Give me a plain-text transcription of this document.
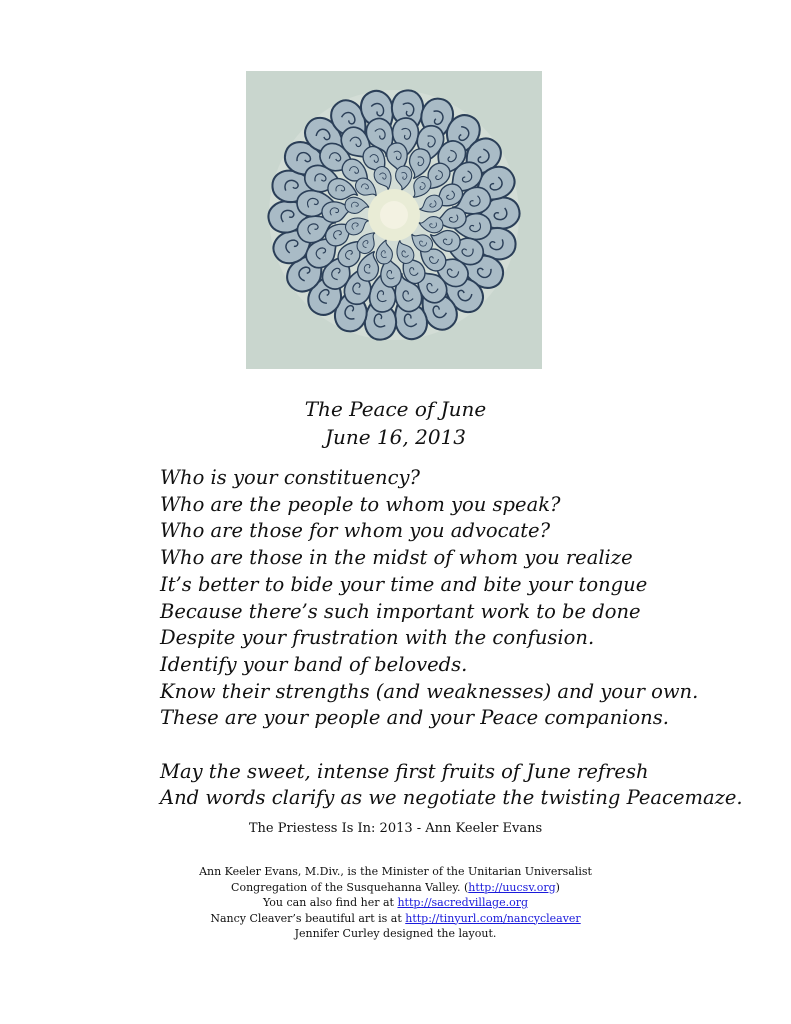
The Peace of June
June 16, 2013
Who is your constituency?
Who are the people to whom you speak?
Who are those for whom you advocate?
Who are those in the midst of whom you realize
It’s better to bide your time and bite your tongue
Because there’s such important work to be done
Despite your frustration with the confusion.
Identify your band of beloveds.
Know their strengths (and weaknesses) and your own.
These are your people and your Peace companions.
May the sweet, intense first fruits of June refresh
And words clarify as we negotiate the twisting Peacemaze.
The Priestess Is In: 2013 - Ann Keeler Evans
Ann Keeler Evans, M.Div., is the Minister of the Unitarian Universalist
Congregation of the Susquehanna Valley. (http://uucsv.org)
You can also find her at http://sacredvillage.org
Nancy Cleaver’s beautiful art is at http://tinyurl.com/nancycleaver
Jennifer Curley designed the layout.
